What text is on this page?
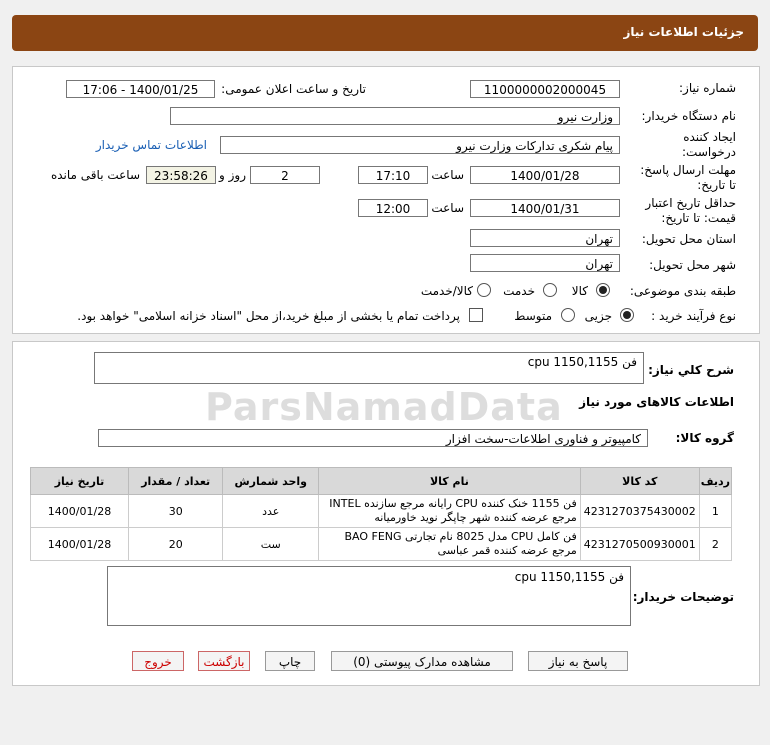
جزئیات اطلاعات نیاز
شماره نیاز:
1100000002000045
تاریخ و ساعت اعلان عمومی:
1400/01/25 - 17:06
نام دستگاه خریدار:
وزارت نیرو
ایجاد کننده
درخواست:
پیام شکری تدارکات وزارت نیرو
اطلاعات تماس خریدار
مهلت ارسال پاسخ:
تا تاریخ:
1400/01/28
ساعت
17:10
2
روز و
23:58:26
ساعت باقی مانده
حداقل تاریخ اعتبار
قیمت: تا تاریخ:
1400/01/31
ساعت
12:00
استان محل تحویل:
تهران
شهر محل تحویل:
تهران
طبقه بندی موضوعی:
کالا
خدمت
کالا/خدمت
نوع فرآیند خرید :
جزیی
متوسط
پرداخت تمام یا بخشی از مبلغ خرید،از محل "اسناد خزانه اسلامی" خواهد بود.
ParsNamadData
شرح کلي نياز:
فن cpu 1150,1155
اطلاعات کالاهای مورد نیاز
گروه کالا:
کامپیوتر و فناوری اطلاعات-سخت افزار
ردیف	کد کالا	نام کالا	واحد شمارش	تعداد / مقدار	تاریخ نیاز
1	4231270375430002	فن 1155 خنک کننده CPU رایانه مرجع سازنده INTEL مرجع عرضه کننده شهر چاپگر نوید خاورمیانه	عدد	30	1400/01/28
2	4231270500930001	فن کامل CPU مدل 8025 نام تجارتی BAO FENG مرجع عرضه کننده قمر عباسی	ست	20	1400/01/28
توضیحات خریدار:
فن cpu 1150,1155
پاسخ به نیاز
مشاهده مدارک پیوستی (0)
چاپ
بازگشت
خروج
